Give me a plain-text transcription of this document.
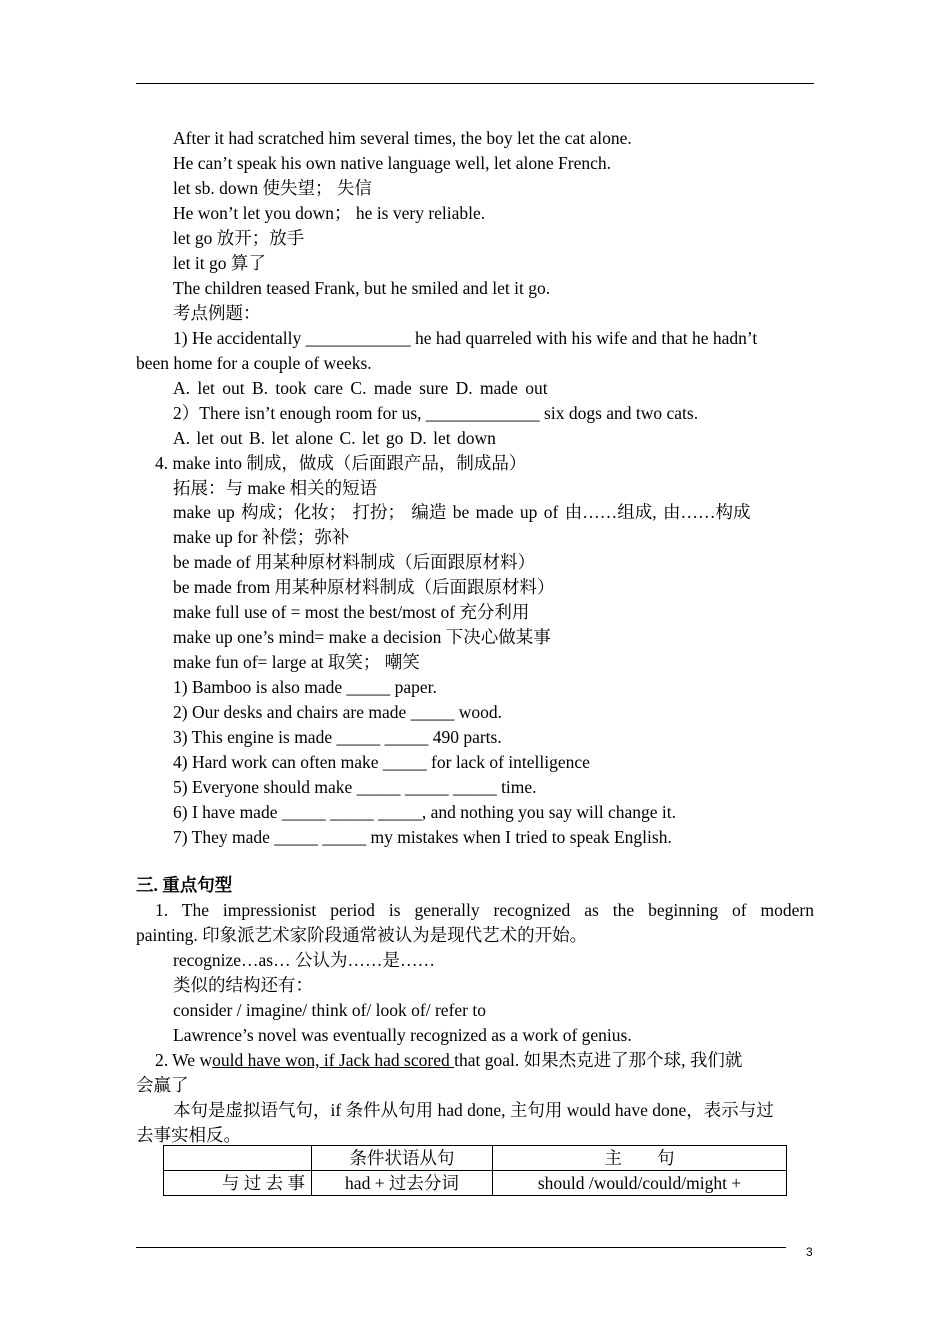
After it had scratched him several times, the boy let the cat alone.
He can’t speak his own native language well, let alone French.
let sb. down 使失望； 失信
He won’t let you down； he is very reliable.
let go 放开；放手
let it go 算了
The children teased Frank, but he smiled and let it go.
考点例题：
1) He accidentally ____________ he had quarreled with his wife and that he hadn’t
been home for a couple of weeks.
A. let out B. took care C. made sure D. made out
2）There isn’t enough room for us, _____________ six dogs and two cats.
A. let out B. let alone C. let go D. let down
4. make into 制成，做成（后面跟产品，制成品）
拓展：与 make 相关的短语
make up 构成；化妆； 打扮； 编造 be made up of 由……组成, 由……构成
make up for 补偿；弥补
be made of 用某种原材料制成（后面跟原材料）
be made from 用某种原材料制成（后面跟原材料）
make full use of = most the best/most of 充分利用
make up one’s mind= make a decision 下决心做某事
make fun of= large at 取笑； 嘲笑
1) Bamboo is also made _____ paper.
2) Our desks and chairs are made _____ wood.
3) This engine is made _____ _____ 490 parts.
4) Hard work can often make _____ for lack of intelligence
5) Everyone should make _____ _____ _____ time.
6) I have made _____ _____ _____, and nothing you say will change it.
7) They made _____ _____ my mistakes when I tried to speak English.
三. 重点句型
1. The impressionist period is generally recognized as the beginning of modern
painting. 印象派艺术家阶段通常被认为是现代艺术的开始。
recognize…as… 公认为……是……
类似的结构还有：
consider / imagine/ think of/ look of/ refer to
Lawrence’s novel was eventually recognized as a work of genius.
2. We would have won, if Jack had scored that goal. 如果杰克进了那个球, 我们就
会赢了
本句是虚拟语气句，if 条件从句用 had done, 主句用 would have done，表示与过
去事实相反。
	条件状语从句	主　　句
与 过 去 事	had + 过去分词	should /would/could/might +
3
